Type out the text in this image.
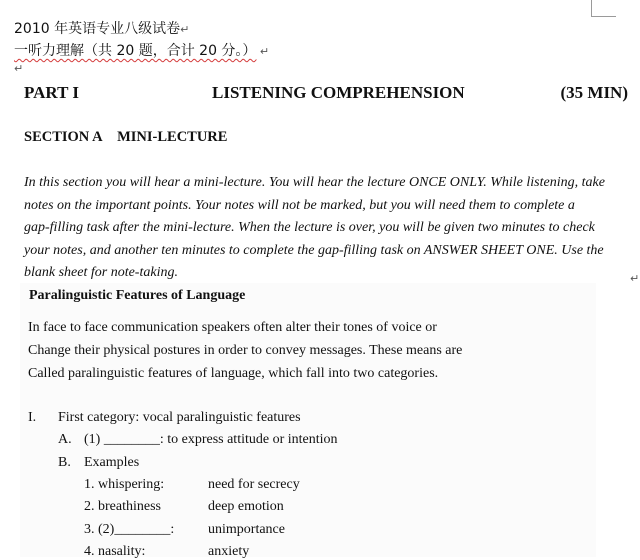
2010 年英语专业八级试卷↵
一听力理解（共 20 题，合计 20 分。） ↵
↵
PART I	LISTENING COMPREHENSION	(35 MIN)
SECTION A MINI-LECTURE
In this section you will hear a mini-lecture. You will hear the lecture ONCE ONLY. While listening, take
notes on the important points. Your notes will not be marked, but you will need them to complete a
gap-filling task after the mini-lecture. When the lecture is over, you will be given two minutes to check
your notes, and another ten minutes to complete the gap-filling task on ANSWER SHEET ONE. Use the
blank sheet for note-taking.	↵
Paralinguistic Features of Language
In face to face communication speakers often alter their tones of voice or
Change their physical postures in order to convey messages. These means are
Called paralinguistic features of language, which fall into two categories.
I. First category: vocal paralinguistic features
A. (1) ________: to express attitude or intention
B. Examples
1. whispering:	need for secrecy
2. breathiness	deep emotion
3. (2)________: unimportance
4. nasality:	anxiety
